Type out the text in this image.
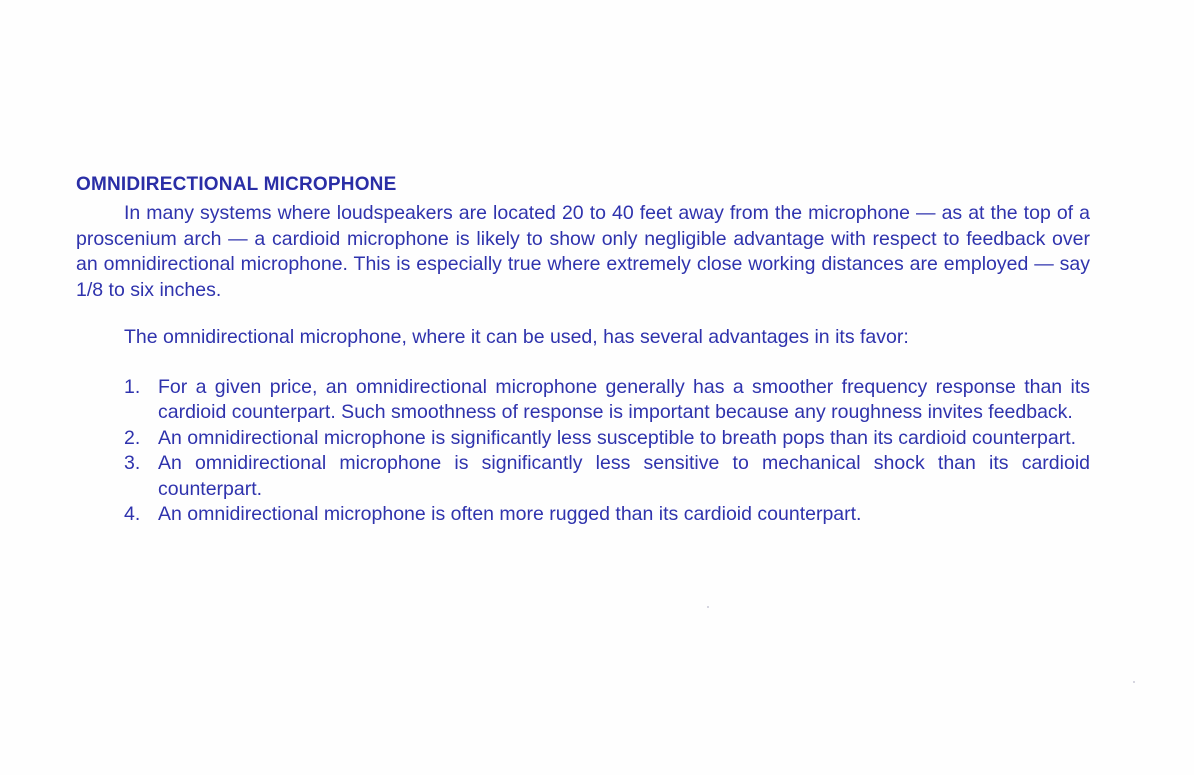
OMNIDIRECTIONAL MICROPHONE

In many systems where loudspeakers are located 20 to 40 feet away from the microphone — as at the top of a proscenium arch — a cardioid microphone is likely to show only negligible advantage with respect to feedback over an omnidirectional microphone. This is especially true where extremely close working distances are employed — say 1/8 to six inches.

The omnidirectional microphone, where it can be used, has several advantages in its favor:

1. For a given price, an omnidirectional microphone generally has a smoother frequency response than its cardioid counterpart. Such smoothness of response is important because any roughness invites feedback.
2. An omnidirectional microphone is significantly less susceptible to breath pops than its cardioid counterpart.
3. An omnidirectional microphone is significantly less sensitive to mechanical shock than its cardioid counterpart.
4. An omnidirectional microphone is often more rugged than its cardioid counterpart.
